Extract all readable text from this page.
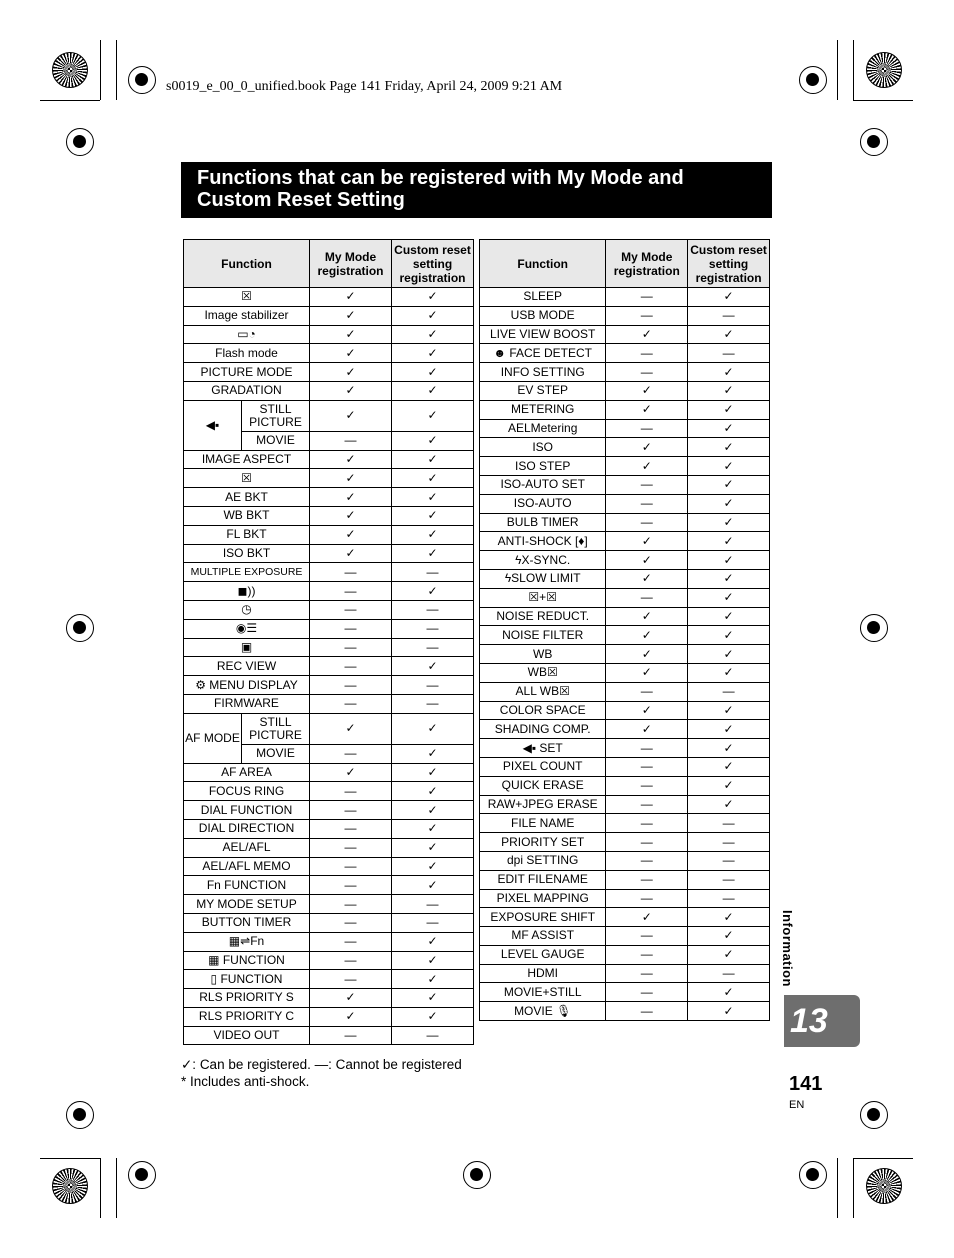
s0019_e_00_0_unified.book Page 141 Friday, April 24, 2009 9:21 AM
Functions that can be registered with My Mode and Custom Reset Setting
Function		My Mode registration	Custom reset setting registration
☒		✓	✓
Image stabilizer		✓	✓
▭◔		✓	✓
Flash mode		✓	✓
PICTURE MODE		✓	✓
GRADATION		✓	✓
◀▪	STILL PICTURE	✓	✓
	MOVIE	—	✓
IMAGE ASPECT		✓	✓
☒		✓	✓
AE BKT		✓	✓
WB BKT		✓	✓
FL BKT		✓	✓
ISO BKT		✓	✓
MULTIPLE EXPOSURE		—	—
◼))		—	✓
◷		—	—
◉☰		—	—
▣		—	—
REC VIEW		—	✓
⚙ MENU DISPLAY		—	—
FIRMWARE		—	—
AF MODE	STILL PICTURE	✓	✓
	MOVIE	—	✓
AF AREA		✓	✓
FOCUS RING		—	✓
DIAL FUNCTION		—	✓
DIAL DIRECTION		—	✓
AEL/AFL		—	✓
AEL/AFL MEMO		—	✓
Fn FUNCTION		—	✓
MY MODE SETUP		—	—
BUTTON TIMER		—	—
▦⇌Fn		—	✓
▦ FUNCTION		—	✓
▯ FUNCTION		—	✓
RLS PRIORITY S		✓	✓
RLS PRIORITY C		✓	✓
VIDEO OUT		—	—
Function	My Mode registration	Custom reset setting registration
SLEEP	—	✓
USB MODE	—	—
LIVE VIEW BOOST	✓	✓
☻ FACE DETECT	—	—
INFO SETTING	—	✓
EV STEP	✓	✓
METERING	✓	✓
AELMetering	—	✓
ISO	✓	✓
ISO STEP	✓	✓
ISO-AUTO SET	—	✓
ISO-AUTO	—	✓
BULB TIMER	—	✓
ANTI-SHOCK [♦]	✓	✓
ϟX-SYNC.	✓	✓
ϟSLOW LIMIT	✓	✓
☒+☒	—	✓
NOISE REDUCT.	✓	✓
NOISE FILTER	✓	✓
WB	✓	✓
WB☒	✓	✓
ALL WB☒	—	—
COLOR SPACE	✓	✓
SHADING COMP.	✓	✓
◀▪ SET	—	✓
PIXEL COUNT	—	✓
QUICK ERASE	—	✓
RAW+JPEG ERASE	—	✓
FILE NAME	—	—
PRIORITY SET	—	—
dpi SETTING	—	—
EDIT FILENAME	—	—
PIXEL MAPPING	—	—
EXPOSURE SHIFT	✓	✓
MF ASSIST	—	✓
LEVEL GAUGE	—	✓
HDMI	—	—
MOVIE+STILL	—	✓
MOVIE 🎙	—	✓
✓: Can be registered. —: Cannot be registered
* Includes anti-shock.
Information
13
141
EN
